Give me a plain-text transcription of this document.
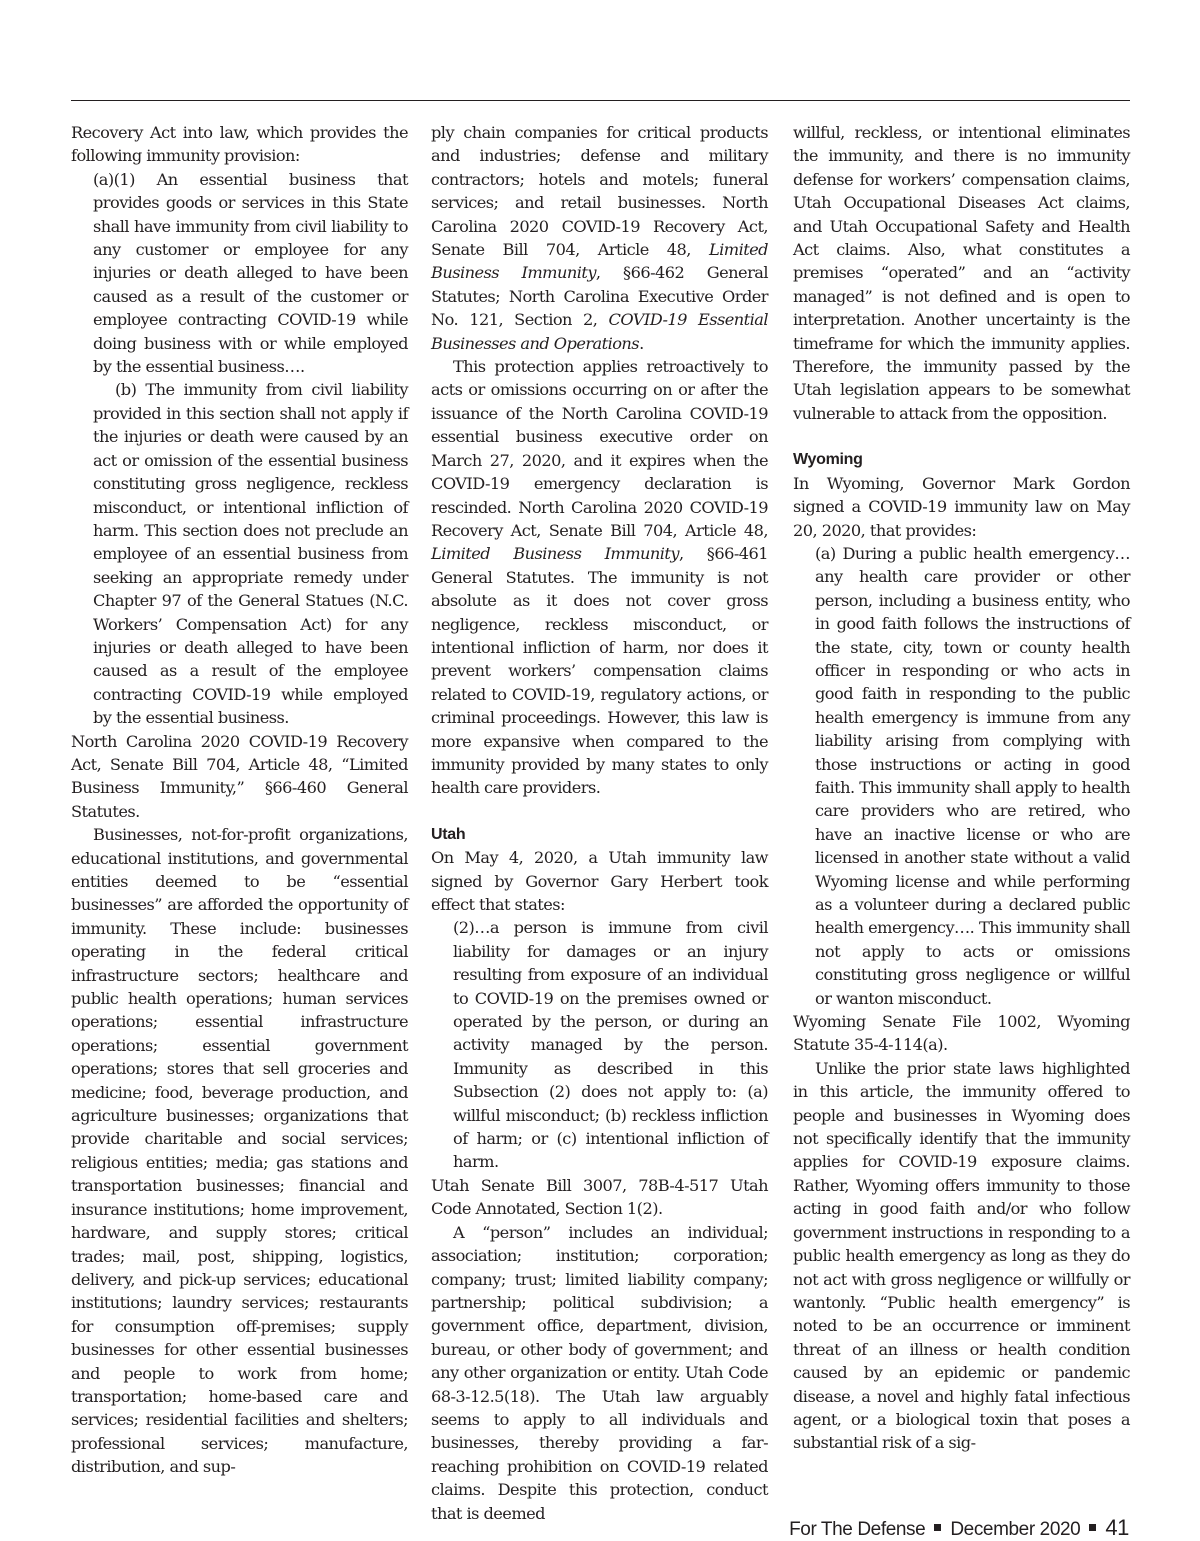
Recovery Act into law, which provides the following immunity provision:

(a)(1) An essential business that provides goods or services in this State shall have immunity from civil liability to any customer or employee for any injuries or death alleged to have been caused as a result of the customer or employee contracting COVID-19 while doing business with or while employed by the essential business….

(b) The immunity from civil liability provided in this section shall not apply if the injuries or death were caused by an act or omission of the essential business constituting gross negligence, reckless misconduct, or intentional infliction of harm. This section does not preclude an employee of an essential business from seeking an appropriate remedy under Chapter 97 of the General Statues (N.C. Workers’ Compensation Act) for any injuries or death alleged to have been caused as a result of the employee contracting COVID-19 while employed by the essential business.

North Carolina 2020 COVID-19 Recovery Act, Senate Bill 704, Article 48, “Limited Business Immunity,” §66-460 General Statutes.

Businesses, not-for-profit organizations, educational institutions, and governmental entities deemed to be “essential businesses” are afforded the opportunity of immunity. These include: businesses operating in the federal critical infrastructure sectors; healthcare and public health operations; human services operations; essential infrastructure operations; essential government operations; stores that sell groceries and medicine; food, beverage production, and agriculture businesses; organizations that provide charitable and social services; religious entities; media; gas stations and transportation businesses; financial and insurance institutions; home improvement, hardware, and supply stores; critical trades; mail, post, shipping, logistics, delivery, and pick-up services; educational institutions; laundry services; restaurants for consumption off-premises; supply businesses for other essential businesses and people to work from home; transportation; home-based care and services; residential facilities and shelters; professional services; manufacture, distribution, and sup-

ply chain companies for critical products and industries; defense and military contractors; hotels and motels; funeral services; and retail businesses. North Carolina 2020 COVID-19 Recovery Act, Senate Bill 704, Article 48, Limited Business Immunity, §66-462 General Statutes; North Carolina Executive Order No. 121, Section 2, COVID-19 Essential Businesses and Operations.

This protection applies retroactively to acts or omissions occurring on or after the issuance of the North Carolina COVID-19 essential business executive order on March 27, 2020, and it expires when the COVID-19 emergency declaration is rescinded. North Carolina 2020 COVID-19 Recovery Act, Senate Bill 704, Article 48, Limited Business Immunity, §66-461 General Statutes. The immunity is not absolute as it does not cover gross negligence, reckless misconduct, or intentional infliction of harm, nor does it prevent workers’ compensation claims related to COVID-19, regulatory actions, or criminal proceedings. However, this law is more expansive when compared to the immunity provided by many states to only health care providers.

Utah

On May 4, 2020, a Utah immunity law signed by Governor Gary Herbert took effect that states:

(2)…a person is immune from civil liability for damages or an injury resulting from exposure of an individual to COVID-19 on the premises owned or operated by the person, or during an activity managed by the person. Immunity as described in this Subsection (2) does not apply to: (a) willful misconduct; (b) reckless infliction of harm; or (c) intentional infliction of harm.

Utah Senate Bill 3007, 78B-4-517 Utah Code Annotated, Section 1(2).

A “person” includes an individual; association; institution; corporation; company; trust; limited liability company; partnership; political subdivision; a government office, department, division, bureau, or other body of government; and any other organization or entity. Utah Code 68-3-12.5(18). The Utah law arguably seems to apply to all individuals and businesses, thereby providing a far-reaching prohibition on COVID-19 related claims. Despite this protection, conduct that is deemed

willful, reckless, or intentional eliminates the immunity, and there is no immunity defense for workers’ compensation claims, Utah Occupational Diseases Act claims, and Utah Occupational Safety and Health Act claims. Also, what constitutes a premises “operated” and an “activity managed” is not defined and is open to interpretation. Another uncertainty is the timeframe for which the immunity applies. Therefore, the immunity passed by the Utah legislation appears to be somewhat vulnerable to attack from the opposition.

Wyoming

In Wyoming, Governor Mark Gordon signed a COVID-19 immunity law on May 20, 2020, that provides:

(a) During a public health emergency… any health care provider or other person, including a business entity, who in good faith follows the instructions of the state, city, town or county health officer in responding or who acts in good faith in responding to the public health emergency is immune from any liability arising from complying with those instructions or acting in good faith. This immunity shall apply to health care providers who are retired, who have an inactive license or who are licensed in another state without a valid Wyoming license and while performing as a volunteer during a declared public health emergency…. This immunity shall not apply to acts or omissions constituting gross negligence or willful or wanton misconduct.

Wyoming Senate File 1002, Wyoming Statute 35-4-114(a).

Unlike the prior state laws highlighted in this article, the immunity offered to people and businesses in Wyoming does not specifically identify that the immunity applies for COVID-19 exposure claims. Rather, Wyoming offers immunity to those acting in good faith and/or who follow government instructions in responding to a public health emergency as long as they do not act with gross negligence or willfully or wantonly. “Public health emergency” is noted to be an occurrence or imminent threat of an illness or health condition caused by an epidemic or pandemic disease, a novel and highly fatal infectious agent, or a biological toxin that poses a substantial risk of a sig-

For The Defense December 2020 41
